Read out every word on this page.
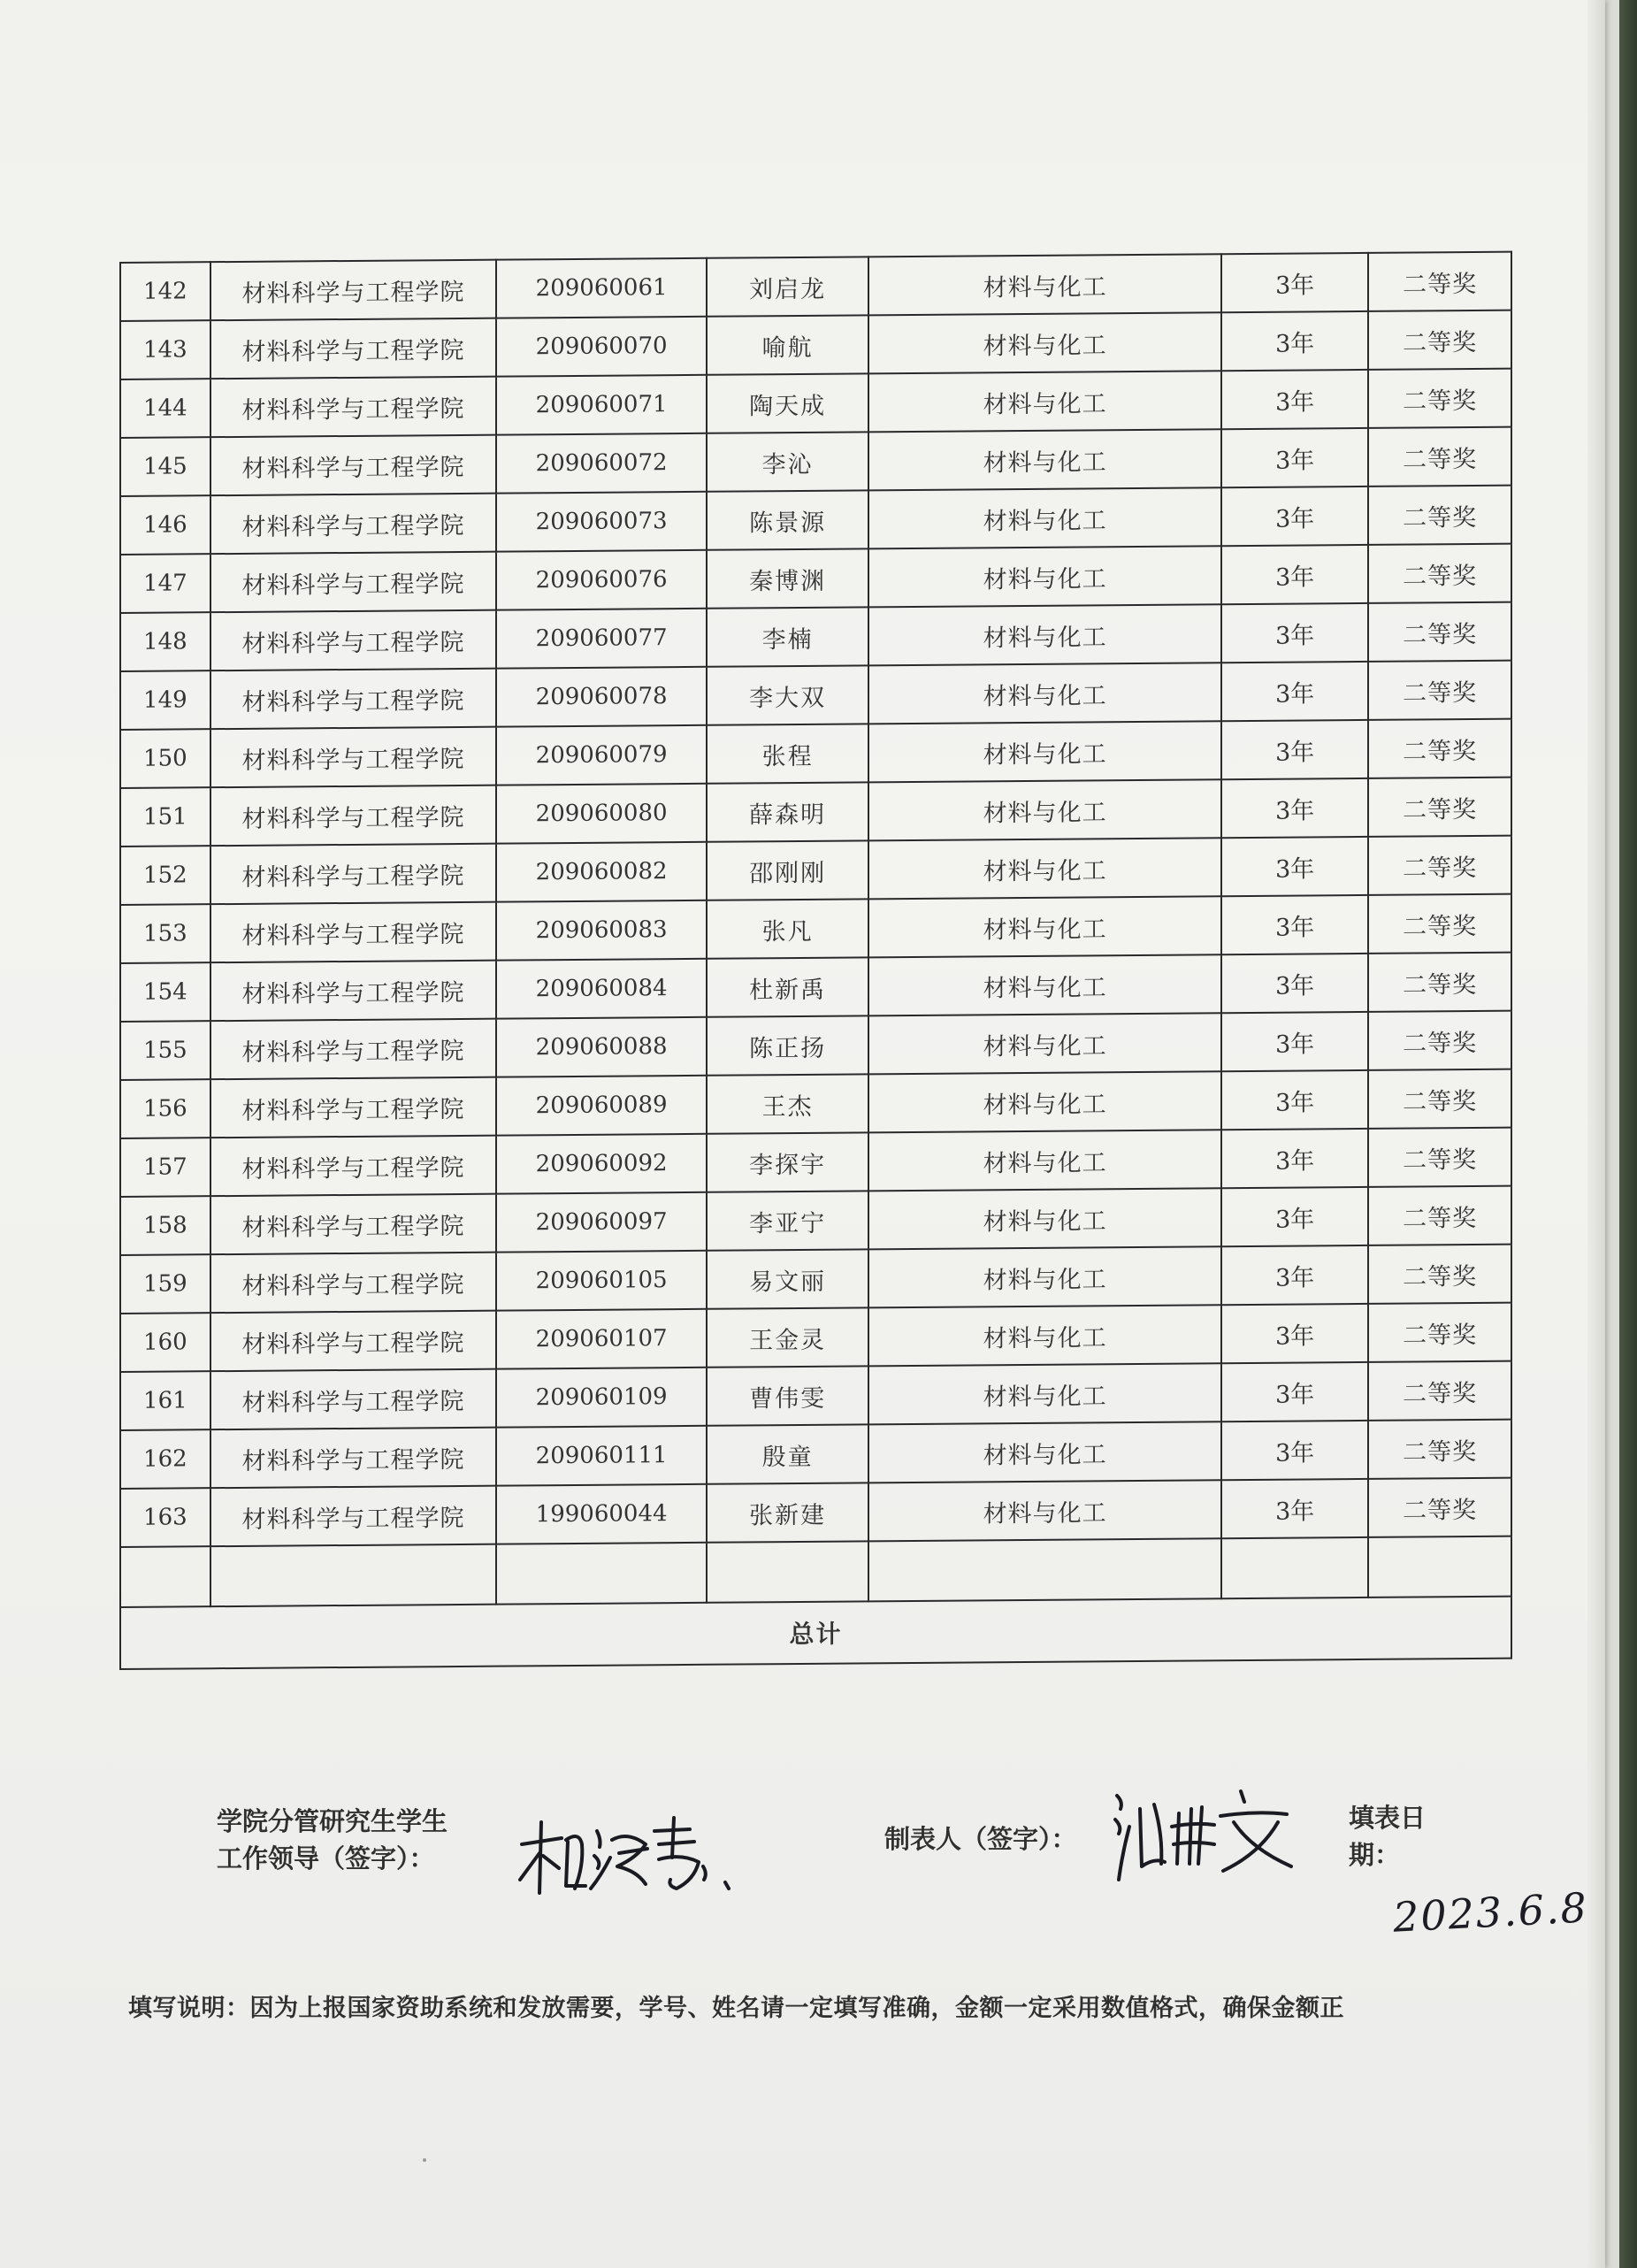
142	材料科学与工程学院	209060061	刘启龙	材料与化工	3年	二等奖
143	材料科学与工程学院	209060070	喻航	材料与化工	3年	二等奖
144	材料科学与工程学院	209060071	陶天成	材料与化工	3年	二等奖
145	材料科学与工程学院	209060072	李沁	材料与化工	3年	二等奖
146	材料科学与工程学院	209060073	陈景源	材料与化工	3年	二等奖
147	材料科学与工程学院	209060076	秦博渊	材料与化工	3年	二等奖
148	材料科学与工程学院	209060077	李楠	材料与化工	3年	二等奖
149	材料科学与工程学院	209060078	李大双	材料与化工	3年	二等奖
150	材料科学与工程学院	209060079	张程	材料与化工	3年	二等奖
151	材料科学与工程学院	209060080	薛森明	材料与化工	3年	二等奖
152	材料科学与工程学院	209060082	邵刚刚	材料与化工	3年	二等奖
153	材料科学与工程学院	209060083	张凡	材料与化工	3年	二等奖
154	材料科学与工程学院	209060084	杜新禹	材料与化工	3年	二等奖
155	材料科学与工程学院	209060088	陈正扬	材料与化工	3年	二等奖
156	材料科学与工程学院	209060089	王杰	材料与化工	3年	二等奖
157	材料科学与工程学院	209060092	李探宇	材料与化工	3年	二等奖
158	材料科学与工程学院	209060097	李亚宁	材料与化工	3年	二等奖
159	材料科学与工程学院	209060105	易文丽	材料与化工	3年	二等奖
160	材料科学与工程学院	209060107	王金灵	材料与化工	3年	二等奖
161	材料科学与工程学院	209060109	曹伟雯	材料与化工	3年	二等奖
162	材料科学与工程学院	209060111	殷童	材料与化工	3年	二等奖
163	材料科学与工程学院	199060044	张新建	材料与化工	3年	二等奖

总计						
学院分管研究生学生
工作领导（签字）：
制表人（签字）：
填表日
期：
2023.6.8
填写说明：因为上报国家资助系统和发放需要，学号、姓名请一定填写准确，金额一定采用数值格式，确保金额正
